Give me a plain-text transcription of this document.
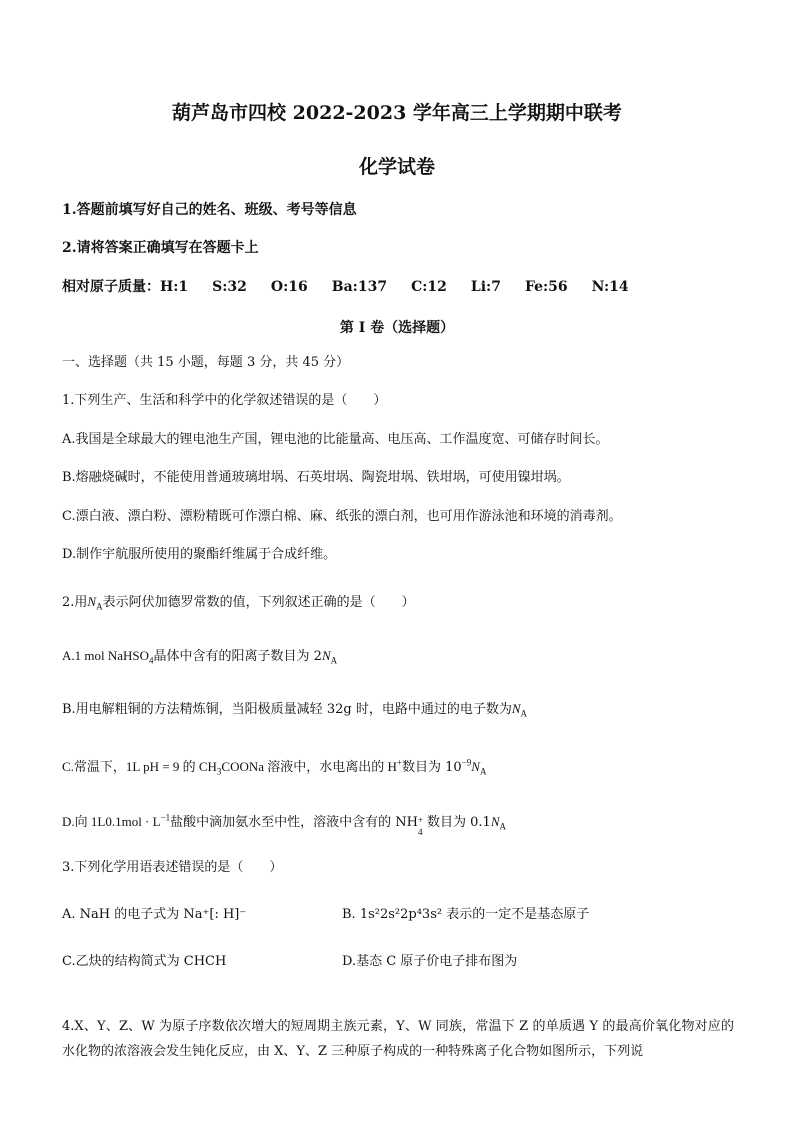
葫芦岛市四校 2022-2023 学年高三上学期期中联考
化学试卷
1.答题前填写好自己的姓名、班级、考号等信息
2.请将答案正确填写在答题卡上
相对原子质量：H:1 S:32 O:16 Ba:137 C:12 Li:7 Fe:56 N:14
第 I 卷（选择题）
一、选择题（共 15 小题，每题 3 分，共 45 分）
1.下列生产、生活和科学中的化学叙述错误的是（　　）
A.我国是全球最大的锂电池生产国，锂电池的比能量高、电压高、工作温度宽、可储存时间长。
B.熔融烧碱时，不能使用普通玻璃坩埚、石英坩埚、陶瓷坩埚、铁坩埚，可使用镍坩埚。
C.漂白液、漂白粉、漂粉精既可作漂白棉、麻、纸张的漂白剂，也可用作游泳池和环境的消毒剂。
D.制作宇航服所使用的聚酯纤维属于合成纤维。
2.用$N_A$表示阿伏加德罗常数的值，下列叙述正确的是（　　）
A.1 mol NaHSO$_4$晶体中含有的阳离子数目为 $2N_A$
B.用电解粗铜的方法精炼铜，当阳极质量减轻 32g 时，电路中通过的电子数为$N_A$
C.常温下，1L pH = 9 的 $CH_3COONa$ 溶液中，水电离出的 H+数目为 $10^{-9}N_A$
D.向 $1L0.1mol \cdot L^{-1}$盐酸中滴加氨水至中性，溶液中含有的 NH +
4
数目为 $0.1N_A$
3.下列化学用语表述错误的是（　　）
A. NaH 的电子式为 Na⁺[: H]⁻	B. 1s²2s²2p⁴3s² 表示的一定不是基态原子
C.乙炔的结构简式为 CHCH	D.基态 C 原子价电子排布图为
4.X、Y、Z、W 为原子序数依次增大的短周期主族元素，Y、W 同族，常温下 Z 的单质遇 Y 的最高价氧化物对应的水化物的浓溶液会发生钝化反应，由 X、Y、Z 三种原子构成的一种特殊离子化合物如图所示，下列说
